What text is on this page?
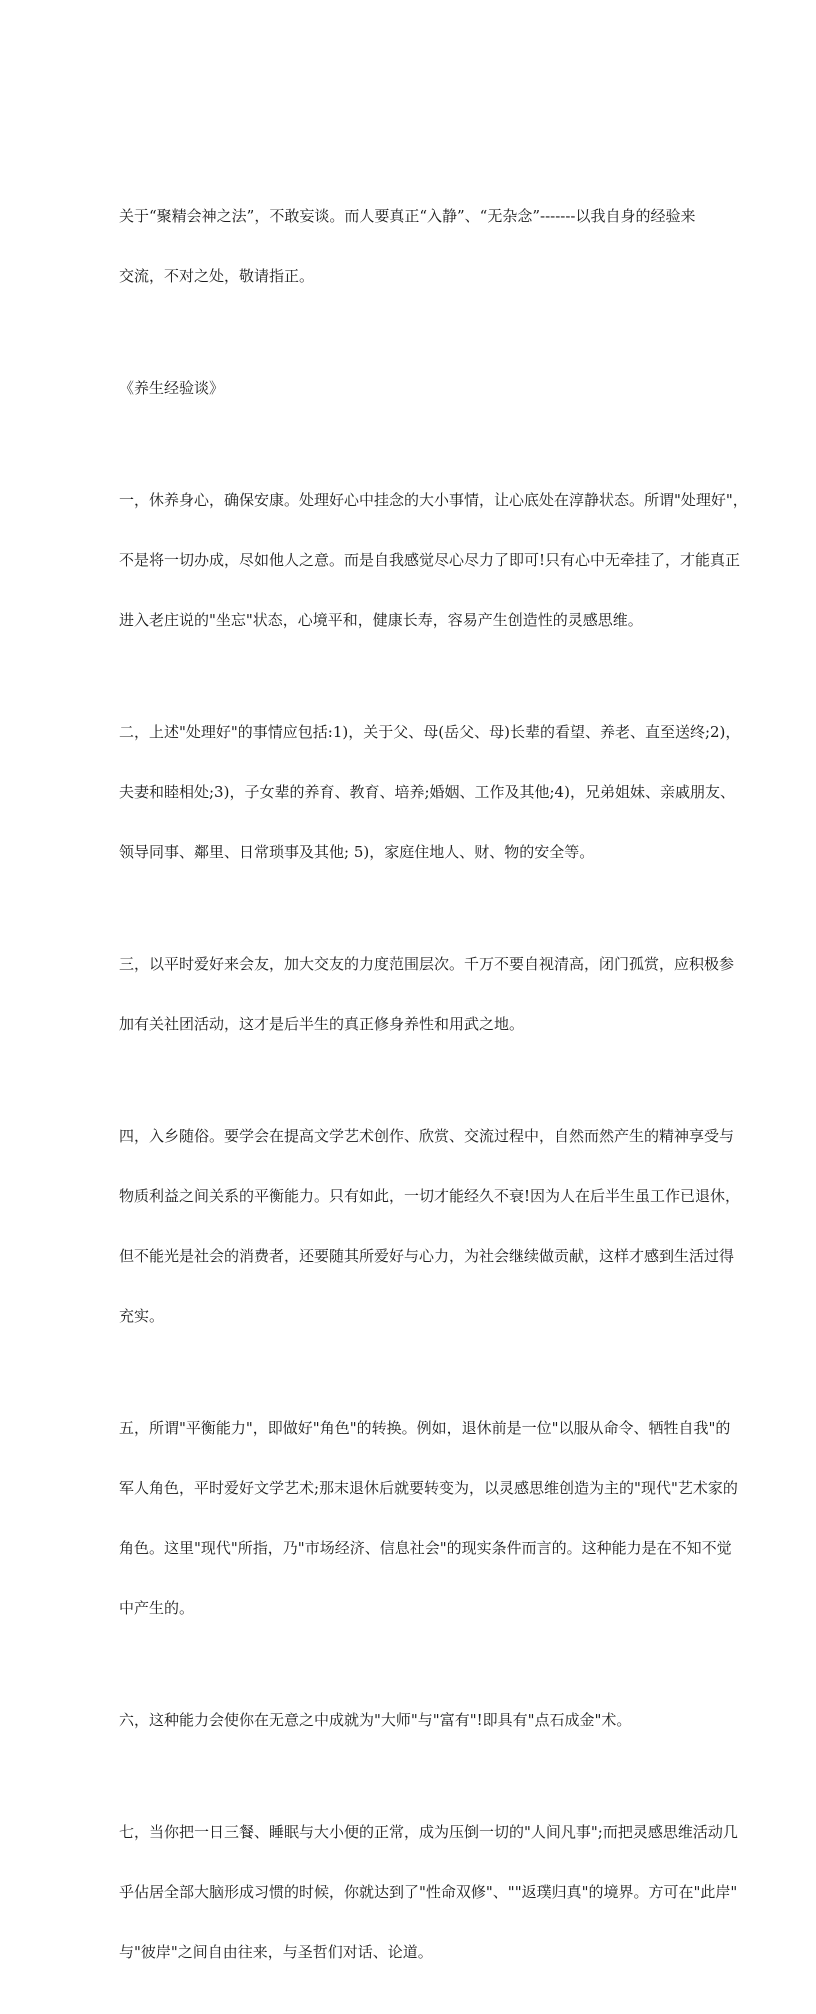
关于“聚精会神之法”，不敢妄谈。而人要真正“入静”、“无杂念”-------以我自身的经验来

交流，不对之处，敬请指正。

《养生经验谈》

一，休养身心，确保安康。处理好心中挂念的大小事情，让心底处在淳静状态。所谓"处理好"，

不是将一切办成，尽如他人之意。而是自我感觉尽心尽力了即可!只有心中无牵挂了，才能真正

进入老庄说的"坐忘"状态，心境平和，健康长寿，容易产生创造性的灵感思维。

二，上述"处理好"的事情应包括:1)，关于父、母(岳父、母)长辈的看望、养老、直至送终;2)，

夫妻和睦相处;3)，子女辈的养育、教育、培养;婚姻、工作及其他;4)，兄弟姐妹、亲戚朋友、

领导同事、鄰里、日常琐事及其他; 5)，家庭住地人、财、物的安全等。

三，以平时爱好来会友，加大交友的力度范围层次。千万不要自视清高，闭门孤赏，应积极参

加有关社团活动，这才是后半生的真正修身养性和用武之地。

四，入乡随俗。要学会在提高文学艺术创作、欣赏、交流过程中，自然而然产生的精神享受与

物质利益之间关系的平衡能力。只有如此，一切才能经久不衰!因为人在后半生虽工作已退休，

但不能光是社会的消费者，还要随其所爱好与心力，为社会继续做贡献，这样才感到生活过得

充实。

五，所谓"平衡能力"，即做好"角色"的转换。例如，退休前是一位"以服从命令、牺牲自我"的

军人角色，平时爱好文学艺术;那末退休后就要转变为，以灵感思维创造为主的"现代"艺术家的

角色。这里"现代"所指，乃"市场经济、信息社会"的现实条件而言的。这种能力是在不知不觉

中产生的。

六，这种能力会使你在无意之中成就为"大师"与"富有"!即具有"点石成金"术。

七，当你把一日三餐、睡眠与大小便的正常，成为压倒一切的"人间凡事";而把灵感思维活动几

乎佔居全部大脑形成习惯的时候，你就达到了"性命双修"、""返璞归真"的境界。方可在"此岸"

与"彼岸"之间自由往来，与圣哲们对话、论道。
